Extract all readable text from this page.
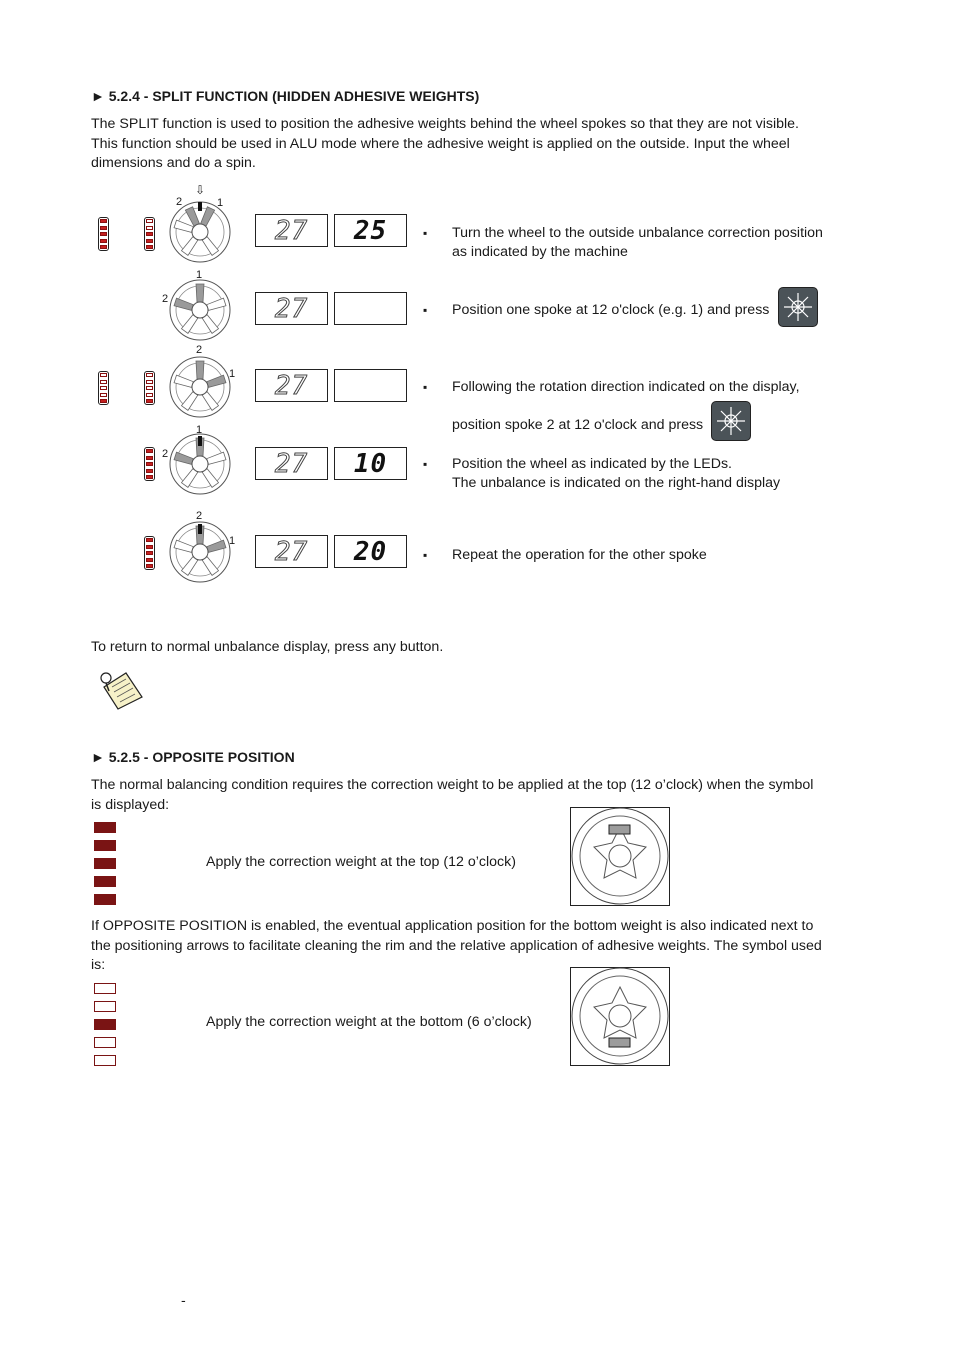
► 5.2.4 - SPLIT FUNCTION (HIDDEN ADHESIVE WEIGHTS)
The SPLIT function is used to position the adhesive weights behind the wheel spokes so that they are not visible.
This function should be used in ALU mode where the adhesive weight is applied on the outside. Input the wheel
dimensions and do a spin.
⇩
2	1
27 25	▪ Turn the wheel to the outside unbalance correction position
as indicated by the machine
1
2	27	▪ Position one spoke at 12 o'clock (e.g. 1) and press
2
1 27	▪ Following the rotation direction indicated on the display,
position spoke 2 at 12 o'clock and press
1
2	27 10	▪ Position the wheel as indicated by the LEDs.
The unbalance is indicated on the right-hand display
2
1 27 20	▪ Repeat the operation for the other spoke
To return to normal unbalance display, press any button.
► 5.2.5 - OPPOSITE POSITION
The normal balancing condition requires the correction weight to be applied at the top (12 o’clock) when the symbol
is displayed:
Apply the correction weight at the top (12 o’clock)
If OPPOSITE POSITION is enabled, the eventual application position for the bottom weight is also indicated next to
the positioning arrows to facilitate cleaning the rim and the relative application of adhesive weights. The symbol used
is:
Apply the correction weight at the bottom (6 o’clock)
-
